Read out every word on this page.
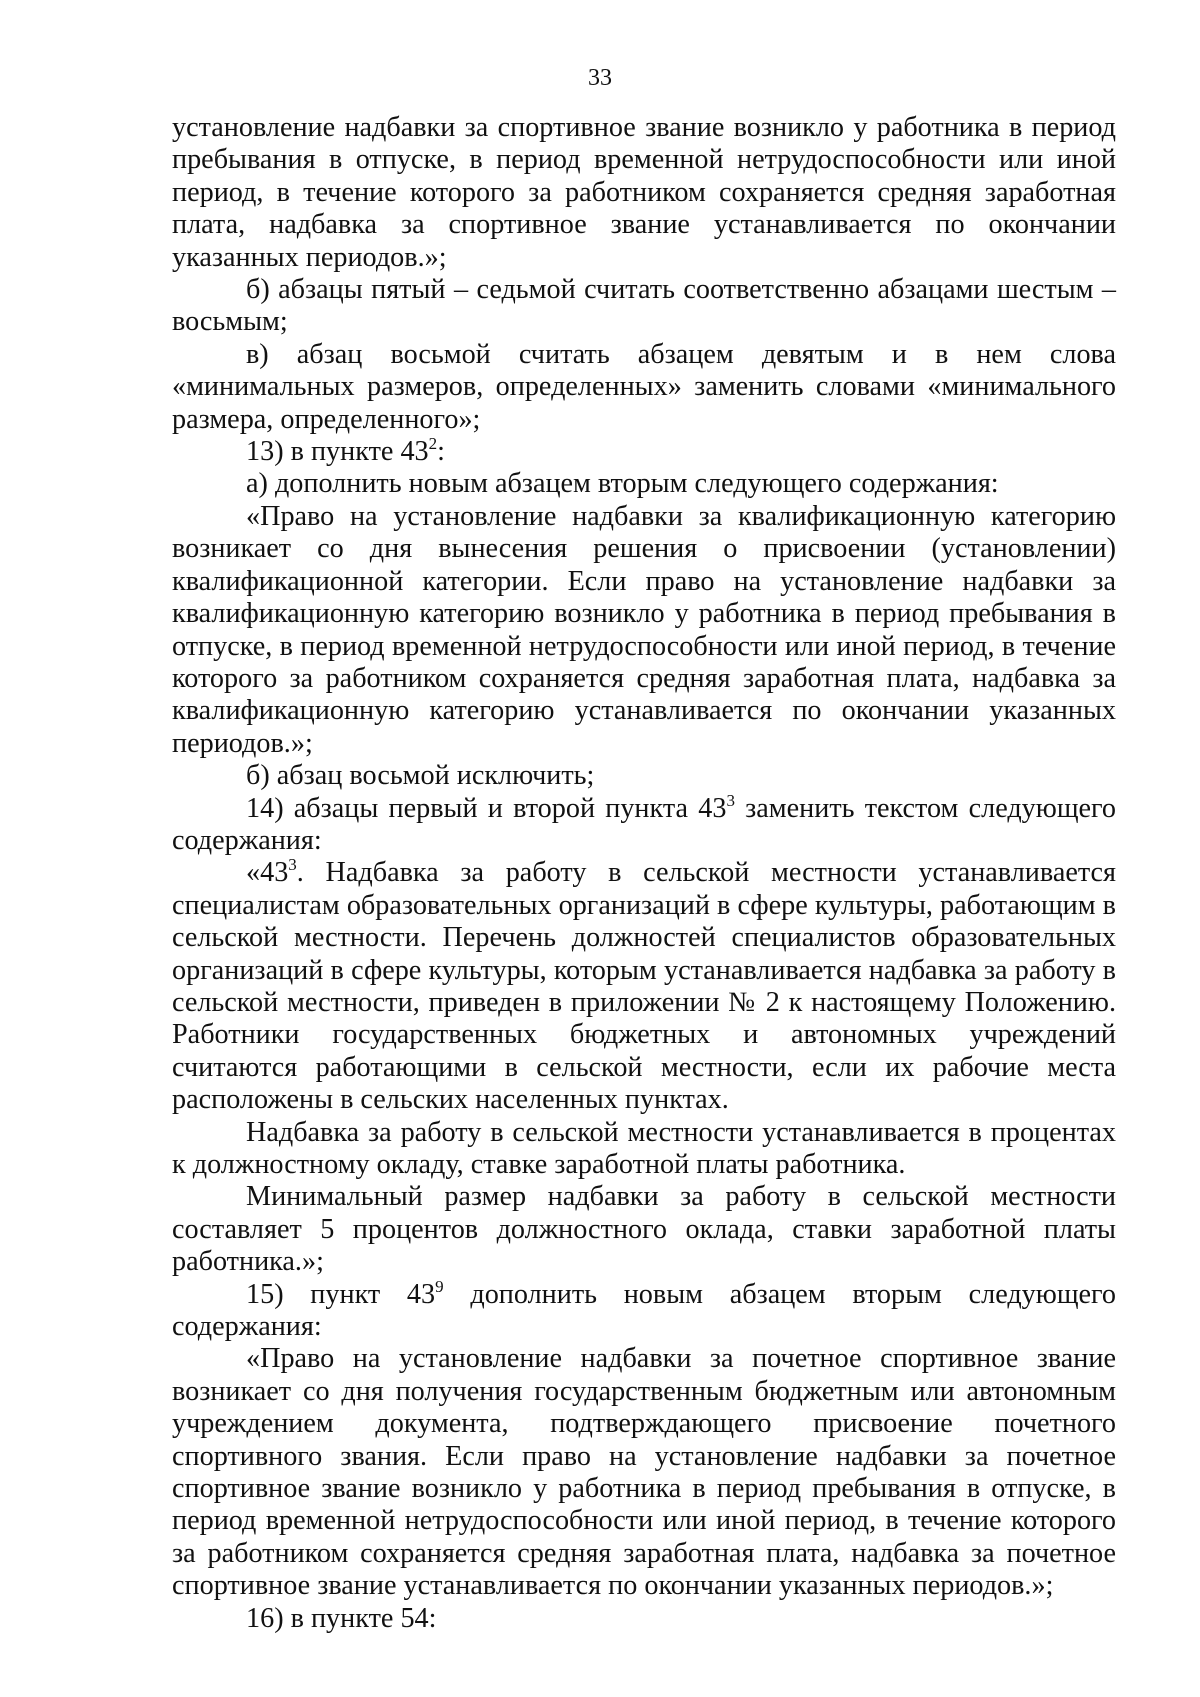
33

установление надбавки за спортивное звание возникло у работника в период пребывания в отпуске, в период временной нетрудоспособности или иной период, в течение которого за работником сохраняется средняя заработная плата, надбавка за спортивное звание устанавливается по окончании указанных периодов.»;

б) абзацы пятый – седьмой считать соответственно абзацами шестым – восьмым;

в) абзац восьмой считать абзацем девятым и в нем слова «минимальных размеров, определенных» заменить словами «минимального размера, определенного»;

13) в пункте $43^2$:

а) дополнить новым абзацем вторым следующего содержания:

«Право на установление надбавки за квалификационную категорию возникает со дня вынесения решения о присвоении (установлении) квалификационной категории. Если право на установление надбавки за квалификационную категорию возникло у работника в период пребывания в отпуске, в период временной нетрудоспособности или иной период, в течение которого за работником сохраняется средняя заработная плата, надбавка за квалификационную категорию устанавливается по окончании указанных периодов.»;

б) абзац восьмой исключить;

14) абзацы первый и второй пункта $43^3$ заменить текстом следующего содержания:

«$43^3$. Надбавка за работу в сельской местности устанавливается специалистам образовательных организаций в сфере культуры, работающим в сельской местности. Перечень должностей специалистов образовательных организаций в сфере культуры, которым устанавливается надбавка за работу в сельской местности, приведен в приложении № 2 к настоящему Положению. Работники государственных бюджетных и автономных учреждений считаются работающими в сельской местности, если их рабочие места расположены в сельских населенных пунктах.

Надбавка за работу в сельской местности устанавливается в процентах к должностному окладу, ставке заработной платы работника.

Минимальный размер надбавки за работу в сельской местности составляет 5 процентов должностного оклада, ставки заработной платы работника.»;

15) пункт $43^9$ дополнить новым абзацем вторым следующего содержания:

«Право на установление надбавки за почетное спортивное звание возникает со дня получения государственным бюджетным или автономным учреждением документа, подтверждающего присвоение почетного спортивного звания. Если право на установление надбавки за почетное спортивное звание возникло у работника в период пребывания в отпуске, в период временной нетрудоспособности или иной период, в течение которого за работником сохраняется средняя заработная плата, надбавка за почетное спортивное звание устанавливается по окончании указанных периодов.»;

16) в пункте 54:
